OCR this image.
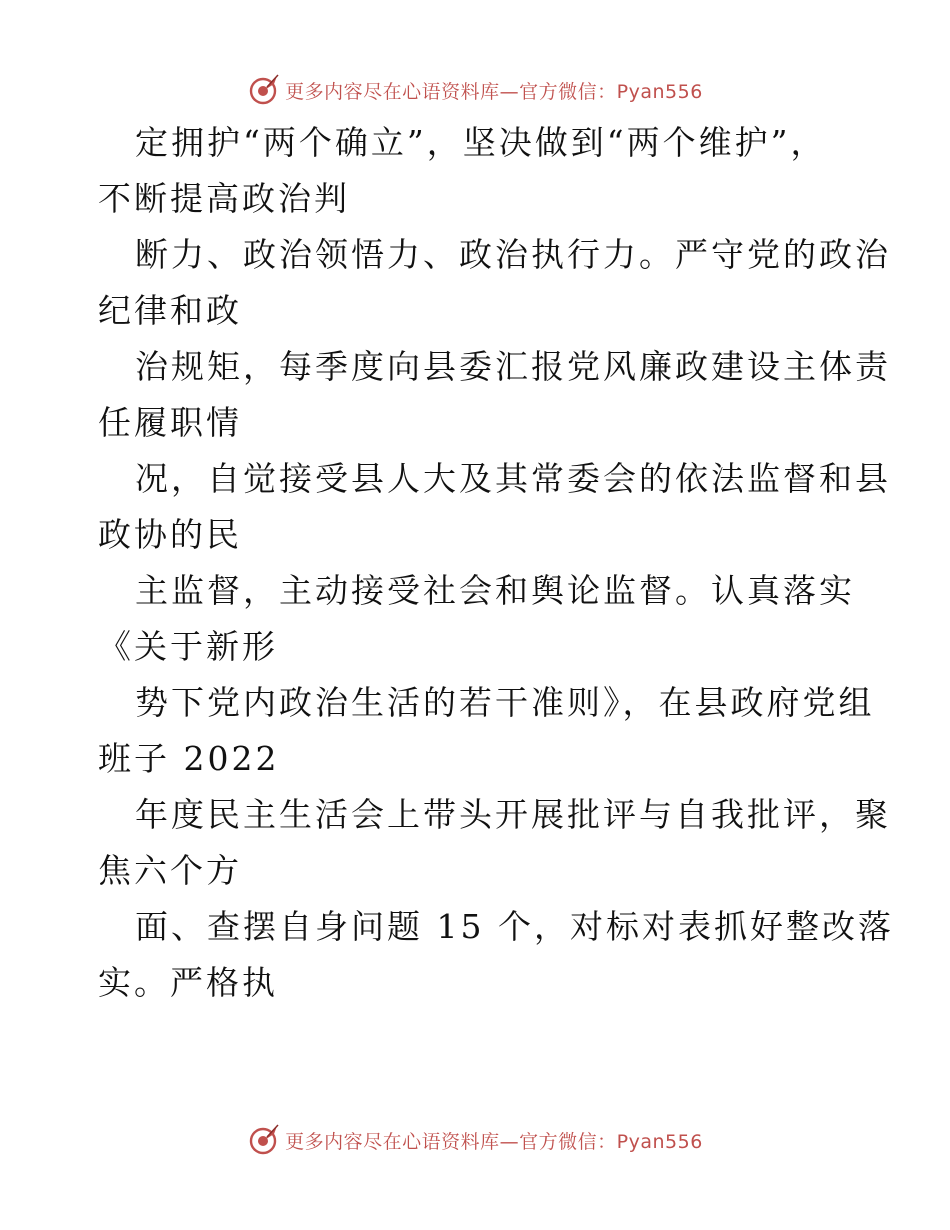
更多内容尽在心语资料库—官方微信：Pyan556
定拥护“两个确立”，坚决做到“两个维护”，
不断提高政治判
断力、政治领悟力、政治执行力。严守党的政治
纪律和政
治规矩，每季度向县委汇报党风廉政建设主体责
任履职情
况，自觉接受县人大及其常委会的依法监督和县
政协的民
主监督，主动接受社会和舆论监督。认真落实
《关于新形
势下党内政治生活的若干准则》，在县政府党组
班子 2022
年度民主生活会上带头开展批评与自我批评，聚
焦六个方
面、查摆自身问题 15 个，对标对表抓好整改落
实。严格执
更多内容尽在心语资料库—官方微信：Pyan556
